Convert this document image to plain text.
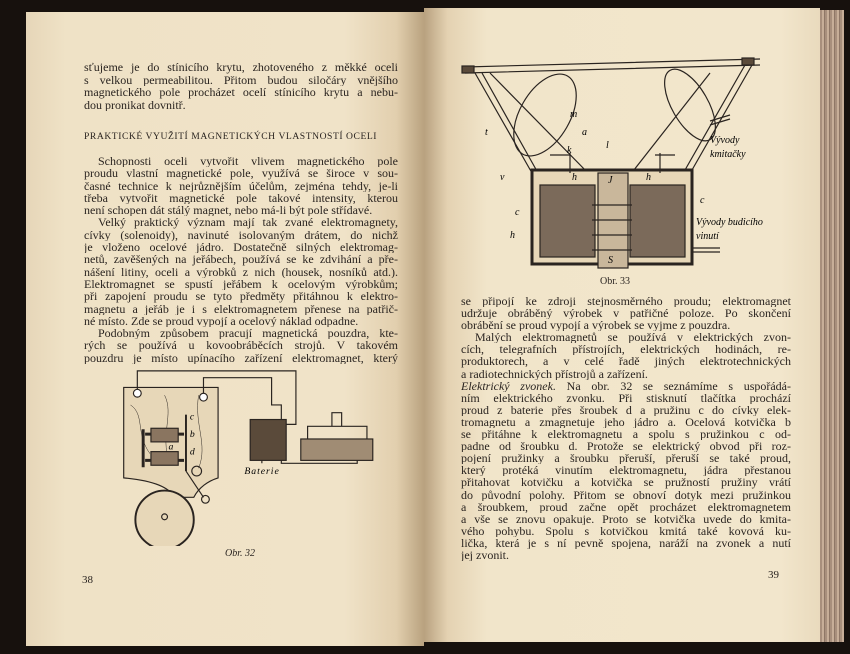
sťujeme je do stínicího krytu, zhotoveného z měkké oceli
s velkou permeabilitou. Přitom budou siločáry vnějšího
magnetického pole procházet ocelí stínicího krytu a nebu-
dou pronikat dovnitř.
PRAKTICKÉ VYUŽITÍ MAGNETICKÝCH VLASTNOSTÍ OCELI
Schopnosti oceli vytvořit vlivem magnetického pole
proudu vlastní magnetické pole, využívá se široce v sou-
časné technice k nejrůznějším účelům, zejména tehdy, je-li
třeba vytvořit magnetické pole takové intensity, kterou
není schopen dát stálý magnet, nebo má-li být pole střídavé.
Velký praktický význam mají tak zvané elektromagnety,
cívky (solenoidy), navinuté isolovaným drátem, do nichž
je vloženo ocelové jádro. Dostatečně silných elektromag-
netů, zavěšených na jeřábech, používá se ke zdvihání a pře-
nášení litiny, oceli a výrobků z nich (housek, nosníků atd.).
Elektromagnet se spustí jeřábem k ocelovým výrobkům;
při zapojení proudu se tyto předměty přitáhnou k elektro-
magnetu a jeřáb je i s elektromagnetem přenese na patřič-
né místo. Zde se proud vypojí a ocelový náklad odpadne.
Podobným způsobem pracují magnetická pouzdra, kte-
rých se používá u kovoobráběcích strojů. V takovém
pouzdru je místo upínacího zařízení elektromagnet, který
c
b
a d
Baterie
Obr. 32
38
m
t	a
l
k
v	h	h
c
c
h
J
S
Vývody
kmitačky
Vývody budicího
vinutí
Obr. 33
se připojí ke zdroji stejnosměrného proudu; elektromagnet
udržuje obráběný výrobek v patřičné poloze. Po skončení
obrábění se proud vypojí a výrobek se vyjme z pouzdra.
Malých elektromagnetů se používá v elektrických zvon-
cích, telegrafních přístrojích, elektrických hodinách, re-
produktorech, a v celé řadě jiných elektrotechnických
a radiotechnických přístrojů a zařízení.
Elektrický zvonek. Na obr. 32 se seznámíme s uspořádá-
ním elektrického zvonku. Při stisknutí tlačítka prochází
proud z baterie přes šroubek d a pružinu c do cívky elek-
tromagnetu a zmagnetuje jeho jádro a. Ocelová kotvička b
se přitáhne k elektromagnetu a spolu s pružinkou c od-
padne od šroubku d. Protože se elektrický obvod při roz-
pojení pružinky a šroubku přeruší, přeruší se také proud,
který protéká vinutím elektromagnetu, jádra přestanou
přitahovat kotvičku a kotvička se pružností pružiny vrátí
do původní polohy. Přitom se obnoví dotyk mezi pružinkou
a šroubkem, proud začne opět procházet elektromagnetem
a vše se znovu opakuje. Proto se kotvička uvede do kmita-
vého pohybu. Spolu s kotvičkou kmitá také kovová ku-
lička, která je s ní pevně spojena, naráží na zvonek a nutí
jej zvonit.
39
